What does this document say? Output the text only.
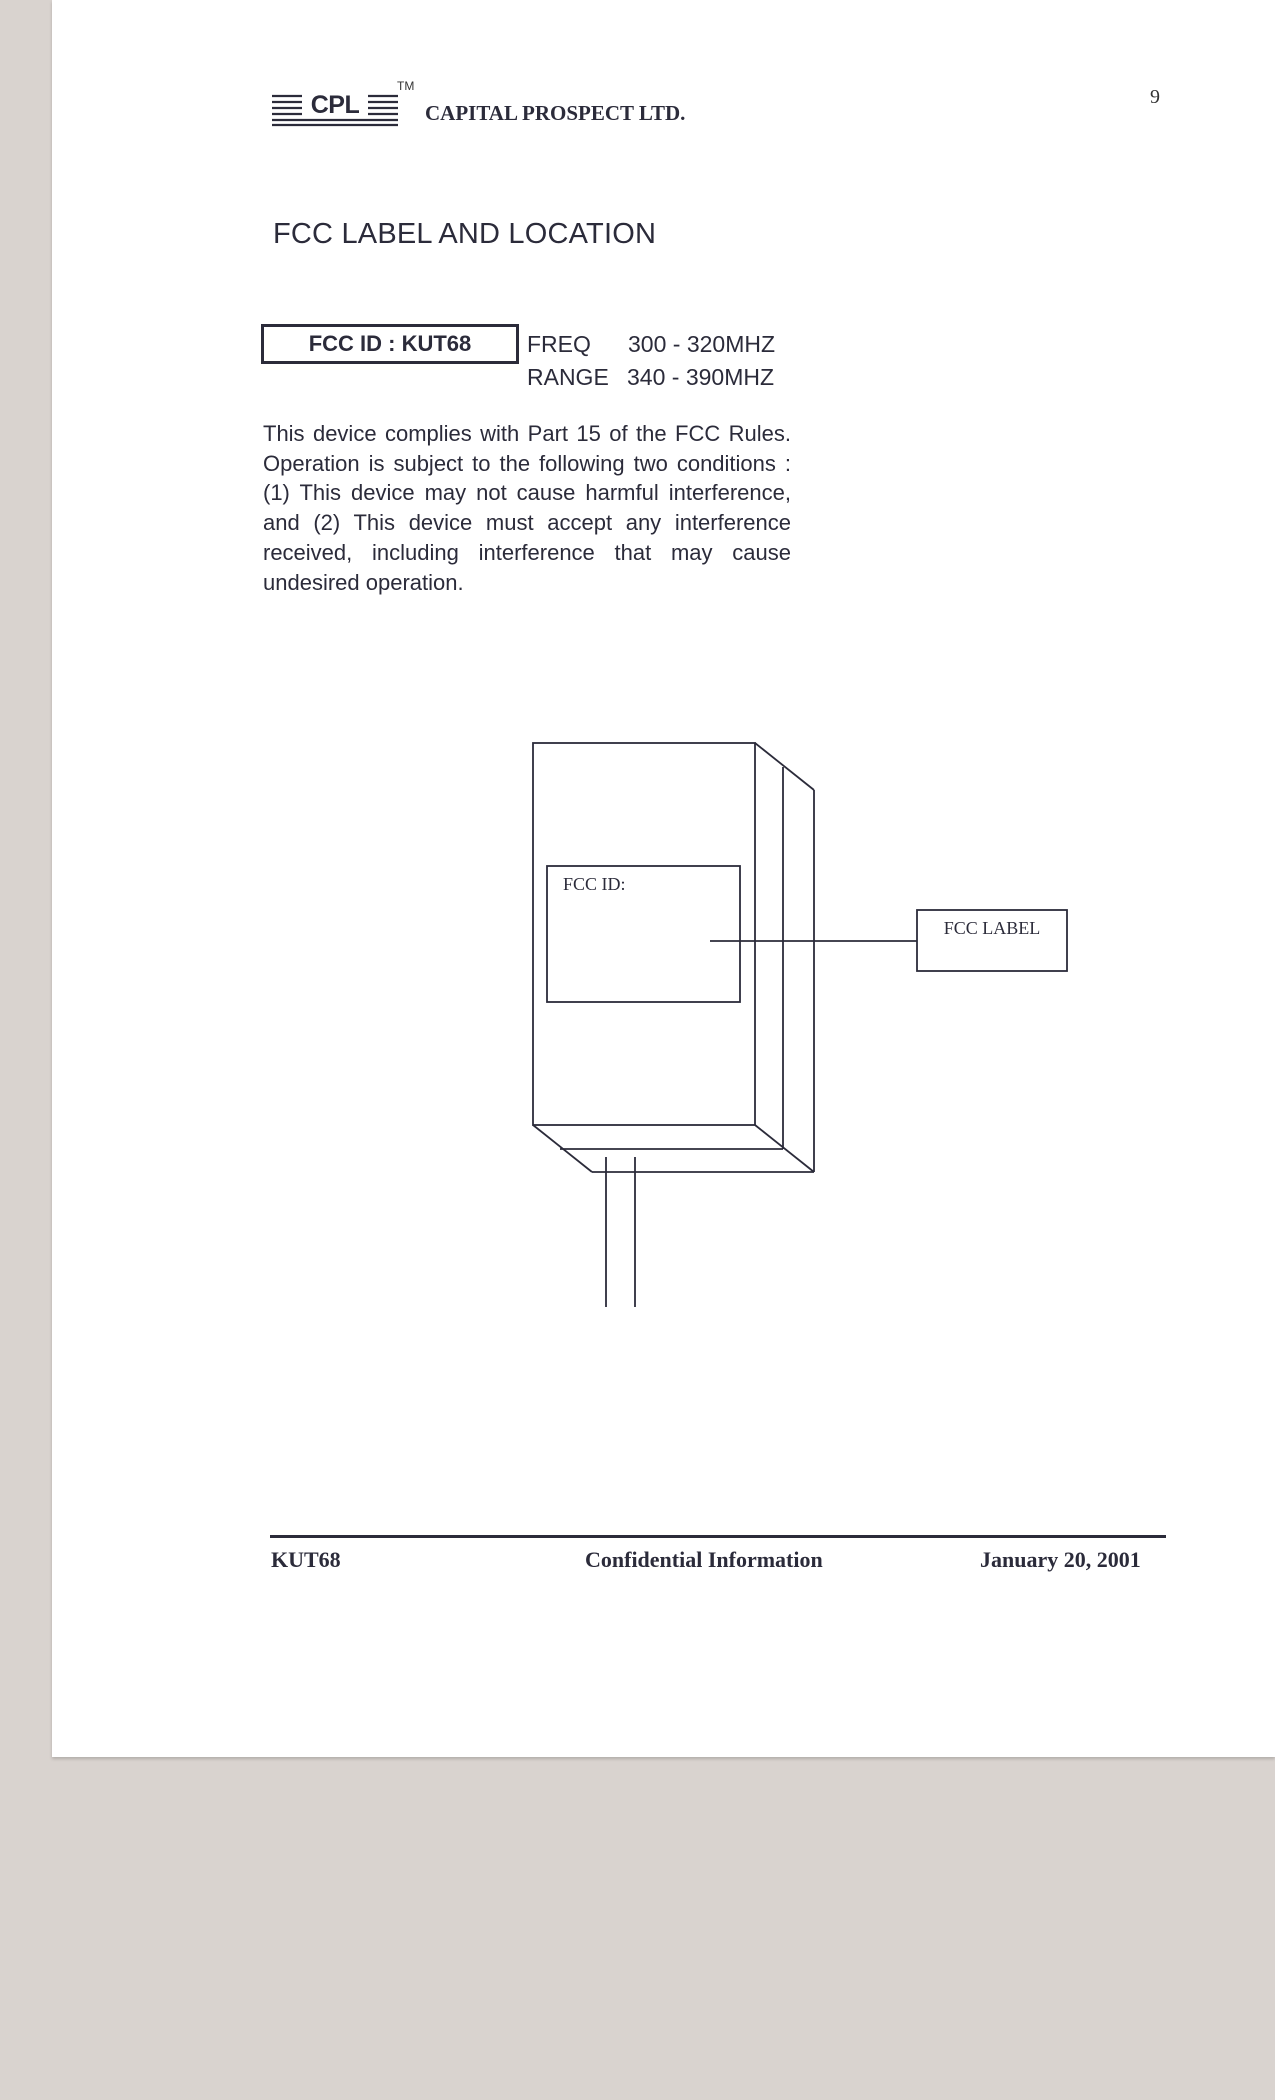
CPL
TM
CAPITAL PROSPECT LTD.
9
FCC LABEL AND LOCATION
FCC ID : KUT68	FREQ 300 - 320MHZ
RANGE 340 - 390MHZ
This device complies with Part 15 of the FCC Rules. Operation is subject to the following two conditions : (1) This device may not cause harmful interference, and (2) This device must accept any interference received, including interference that may cause undesired operation.
FCC ID:
FCC LABEL
KUT68	Confidential Information	January 20, 2001
